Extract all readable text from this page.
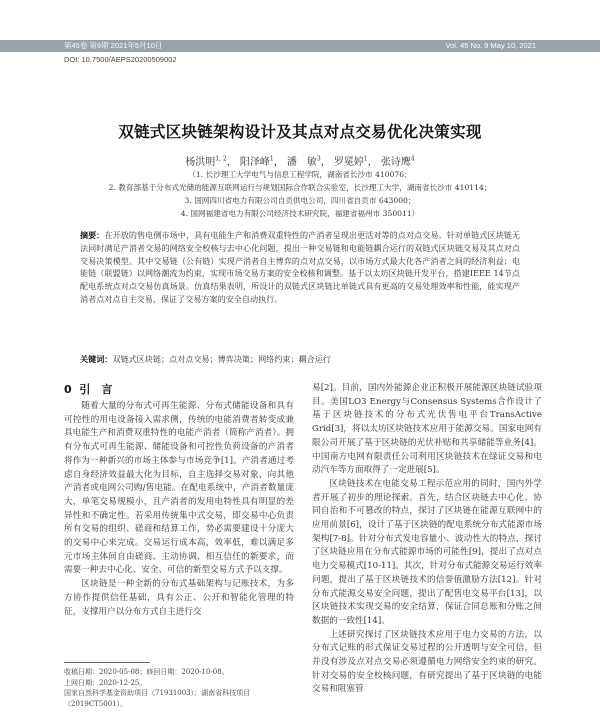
第45卷 第9期 2021年5月10日	Vol. 45 No. 9 May 10, 2021
DOI: 10.7500/AEPS20200509002
双链式区块链架构设计及其点对点交易优化决策实现
杨洪明$^{1, 2}$， 阳泽峰$^1$， 潘　敏$^3$， 罗冕婷$^1$， 张诗鹰$^4$
（1. 长沙理工大学电气与信息工程学院，湖南省长沙市 410076；
2. 教育部基于分布式光储的能源互联网运行与规划国际合作联合实验室，长沙理工大学，湖南省长沙市 410114；
3. 国网四川省电力有限公司自贡供电公司，四川省自贡市 643000；
4. 国网福建省电力有限公司经济技术研究院，福建省福州市 350011）
摘要：在开放的售电侧市场中，具有电能生产和消费双重特性的产消者呈现出更活对等的点对点交易。针对单链式区块链无法同时满足产消者交易的网络安全校核与去中心化问题，提出一种交易链和电能链耦合运行的双链式区块链交易及其点对点交易决策模型。其中交易链（公有链）实现产消者自主博弈的点对点交易，以市场方式最大化各产消者之间的经济利益；电能链（联盟链）以网络潮流为约束，实现市场交易方案的安全校核和调整。基于以太坊区块链开发平台，搭建IEEE 14节点配电系统点对点交易仿真场景。仿真结果表明，所设计的双链式区块链比单链式具有更高的交易处理效率和性能，能实现产消者点对点自主交易，保证了交易方案的安全自动执行。
关键词：双链式区块链；点对点交易；博弈决策；网络约束；耦合运行
0 引　言

随着大量的分布式可再生能源、分布式储能设备和具有可控性的用电设备接入需求侧，传统的电能消费者转变成兼具电能生产和消费双重特性的电能产消者（简称产消者）。拥有分布式可再生能源、储能设备和可控性负荷设备的产消者将作为一种新兴的市场主体参与市场竞争[1]。产消者通过考虑自身经济效益最大化为目标，自主选择交易对象，向其他产消者或电网公司购/售电能。在配电系统中，产消者数量庞大，单笔交易规模小，且产消者的发用电特性具有明显的差异性和不确定性。若采用传统集中式交易，即交易中心负责所有交易的组织、磋商和结算工作，势必需要建设十分庞大的交易中心来完成。交易运行成本高，效率低，难以满足多元市场主体间自由磋商、主动协调、相互信任的新要求，而需要一种去中心化、安全、可信的新型交易方式予以支撑。

区块链是一种全新的分布式基础架构与记账技术，为多方协作提供信任基础，具有公正、公开和智能化管理的特征，支撑用户以分布方式自主进行交

易[2]。目前，国内外能源企业正积极开展能源区块链试验项目。美国LO3 Energy与Consensus Systems合作设计了基于区块链技术的分布式光伏售电平台TransActive Grid[3]，将以太坊区块链技术应用于能源交易。国家电网有限公司开展了基于区块链的光伏补贴和共享储能等业务[4]。中国南方电网有限责任公司利用区块链技术在绿证交易和电动汽车等方面取得了一定进展[5]。

区块链技术在电能交易工程示范应用的同时，国内外学者开展了初步的理论探索。首先，结合区块链去中心化、协同自治和不可篡改的特点，探讨了区块链在能源互联网中的应用前景[6]，设计了基于区块链的配电系统分布式能源市场架构[7-8]。针对分布式发电容量小、波动性大的特点，探讨了区块链应用在分布式能源市场的可能性[9]，提出了点对点电力交易模式[10-11]。其次，针对分布式能源交易运行效率问题，提出了基于区块链技术的信誉值激励方法[12]。针对分布式能源交易安全问题，提出了配售电交易平台[13]，以区块链技术实现交易的安全结算，保证合同总账和分账之间数据的一致性[14]。

上述研究探讨了区块链技术应用于电力交易的方法，以分布式记账的形式保证交易过程的公开透明与安全可信，但并没有涉及点对点交易必须遵循电力网络安全约束的研究。针对交易的安全校核问题，有研究提出了基于区块链的电能交易和阻塞管

收稿日期：2020-05-08；修回日期：2020-10-08。
上网日期：2020-12-25。
国家自然科学基金资助项目（71931003）；湖南省科技项目（2019CT5001）。
